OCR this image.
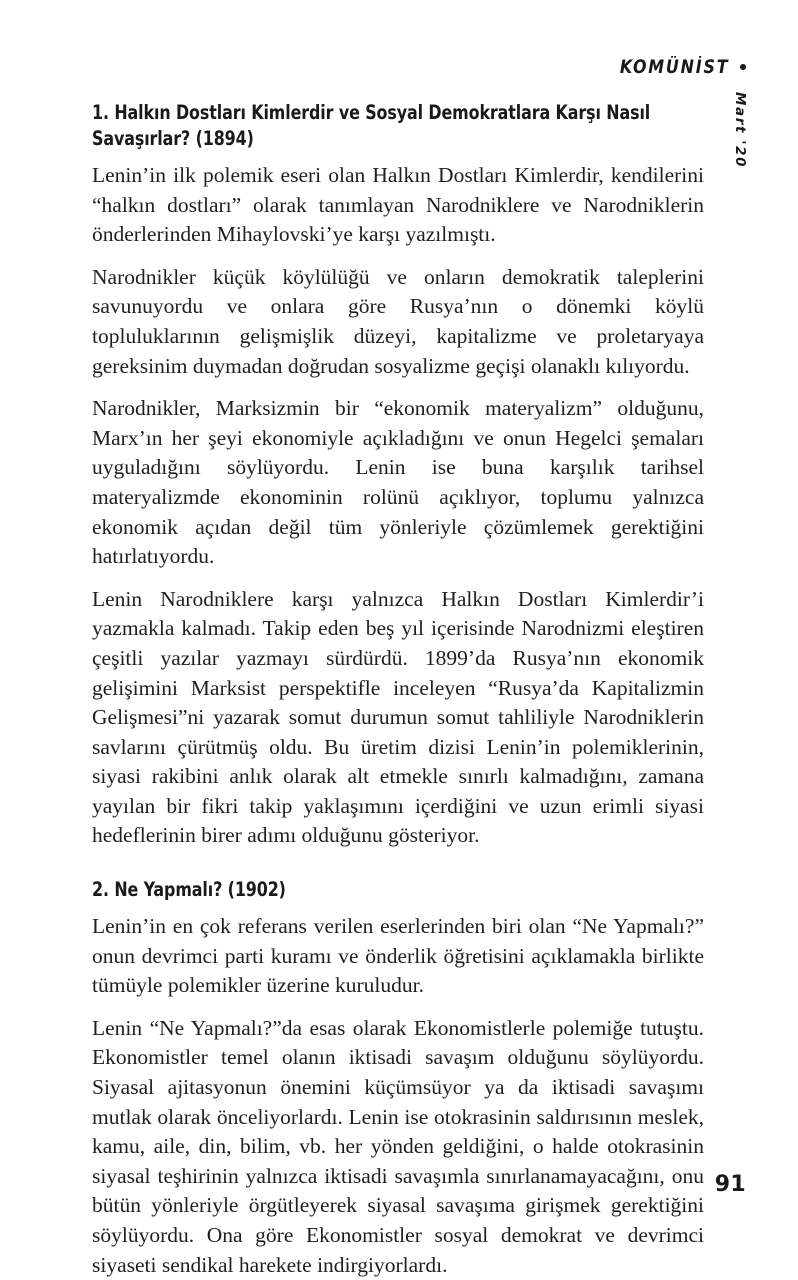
KOMÜNİST
Mart '20
1. Halkın Dostları Kimlerdir ve Sosyal Demokratlara Karşı Nasıl Savaşırlar? (1894)

Lenin’in ilk polemik eseri olan Halkın Dostları Kimlerdir, kendilerini “halkın dostları” olarak tanımlayan Narodniklere ve Narodniklerin önderlerinden Mihaylovski’ye karşı yazılmıştı.

Narodnikler küçük köylülüğü ve onların demokratik taleplerini savunuyordu ve onlara göre Rusya’nın o dönemki köylü topluluklarının gelişmişlik düzeyi, kapitalizme ve proletaryaya gereksinim duymadan doğrudan sosyalizme geçişi olanaklı kılıyordu.

Narodnikler, Marksizmin bir “ekonomik materyalizm” olduğunu, Marx’ın her şeyi ekonomiyle açıkladığını ve onun Hegelci şemaları uyguladığını söylüyordu. Lenin ise buna karşılık tarihsel materyalizmde ekonominin rolünü açıklıyor, toplumu yalnızca ekonomik açıdan değil tüm yönleriyle çözümlemek gerektiğini hatırlatıyordu.

Lenin Narodniklere karşı yalnızca Halkın Dostları Kimlerdir’i yazmakla kalmadı. Takip eden beş yıl içerisinde Narodnizmi eleştiren çeşitli yazılar yazmayı sürdürdü. 1899’da Rusya’nın ekonomik gelişimini Marksist perspektifle inceleyen “Rusya’da Kapitalizmin Gelişmesi”ni yazarak somut durumun somut tahliliyle Narodniklerin savlarını çürütmüş oldu. Bu üretim dizisi Lenin’in polemiklerinin, siyasi rakibini anlık olarak alt etmekle sınırlı kalmadığını, zamana yayılan bir fikri takip yaklaşımını içerdiğini ve uzun erimli siyasi hedeflerinin birer adımı olduğunu gösteriyor.

2. Ne Yapmalı? (1902)

Lenin’in en çok referans verilen eserlerinden biri olan “Ne Yapmalı?” onun devrimci parti kuramı ve önderlik öğretisini açıklamakla birlikte tümüyle polemikler üzerine kuruludur.

Lenin “Ne Yapmalı?”da esas olarak Ekonomistlerle polemiğe tutuştu. Ekonomistler temel olanın iktisadi savaşım olduğunu söylüyordu. Siyasal ajitasyonun önemini küçümsüyor ya da iktisadi savaşımı mutlak olarak önceliyorlardı. Lenin ise otokrasinin saldırısının meslek, kamu, aile, din, bilim, vb. her yönden geldiğini, o halde otokrasinin siyasal teşhirinin yalnızca iktisadi savaşımla sınırlanamayacağını, onu bütün yönleriyle örgütleyerek siyasal savaşıma girişmek gerektiğini söylüyordu. Ona göre Ekonomistler sosyal demokrat ve devrimci siyaseti sendikal harekete indirgiyorlardı.

91
